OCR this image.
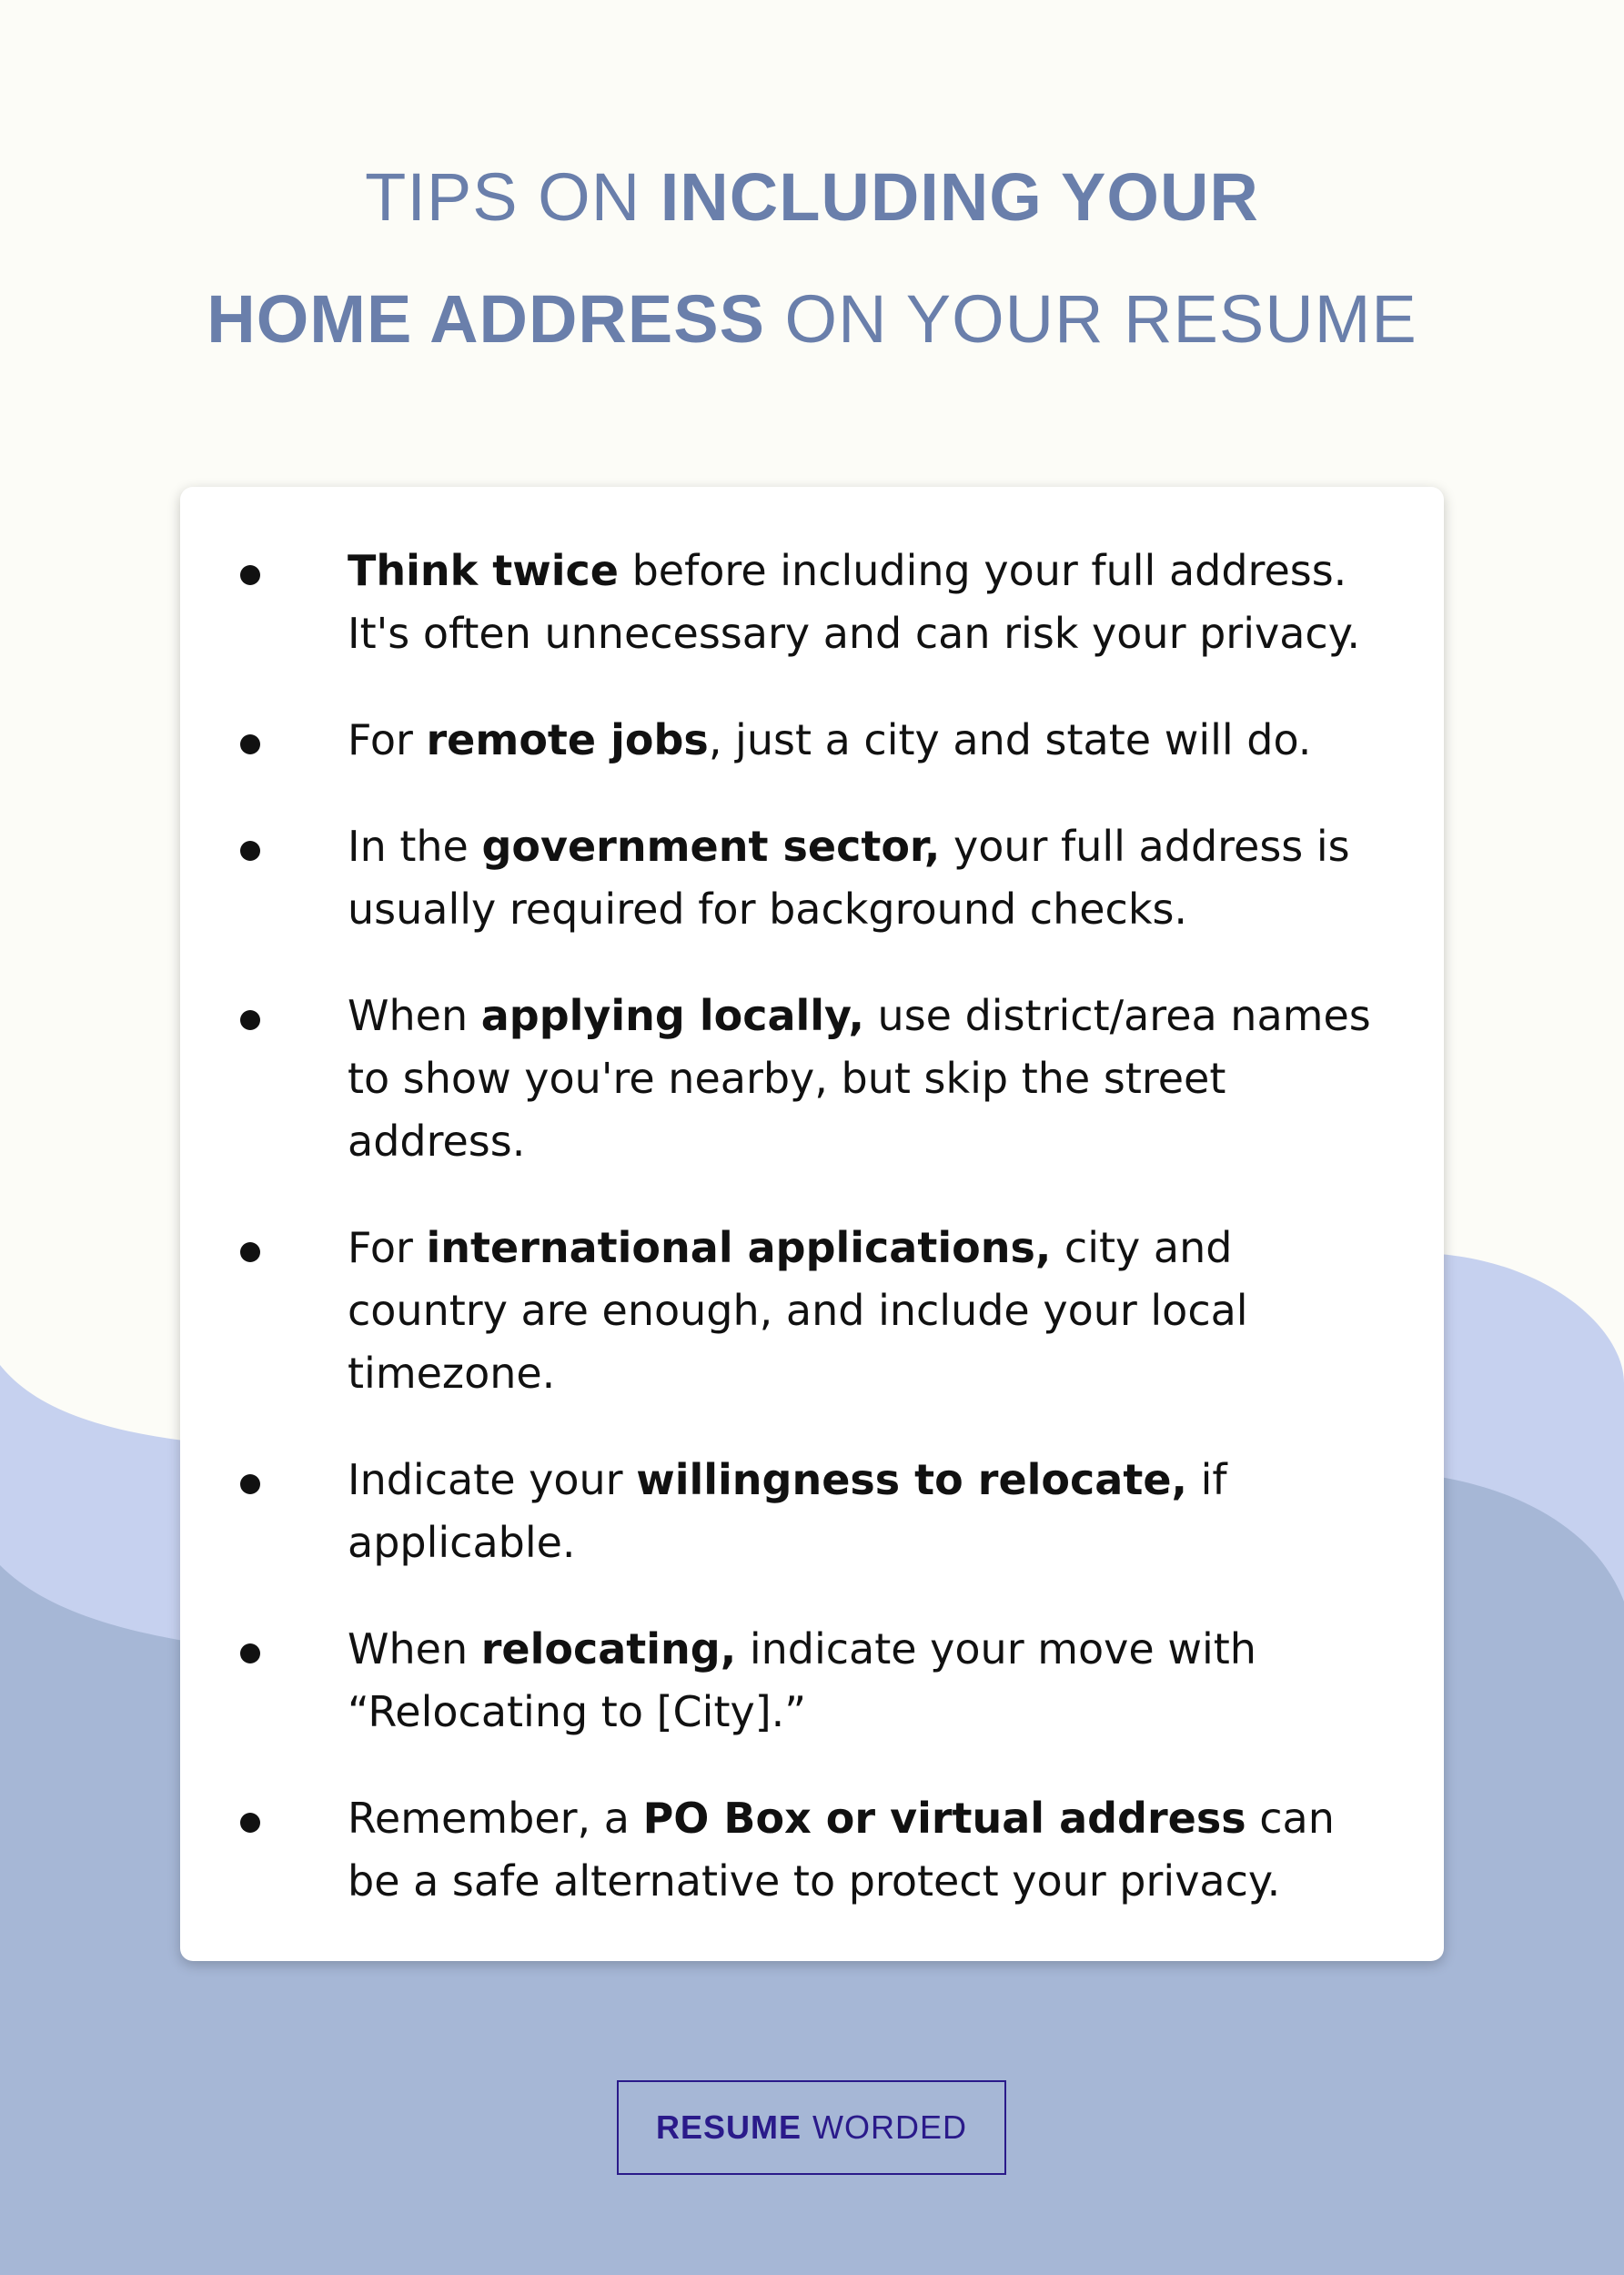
TIPS ON INCLUDING YOUR
HOME ADDRESS ON YOUR RESUME
Think twice before including your full address. It's often unnecessary and can risk your privacy.
For remote jobs, just a city and state will do.
In the government sector, your full address is usually required for background checks.
When applying locally, use district/area names to show you're nearby, but skip the street address.
For international applications, city and country are enough, and include your local timezone.
Indicate your willingness to relocate, if applicable.
When relocating, indicate your move with “Relocating to [City].”
Remember, a PO Box or virtual address can be a safe alternative to protect your privacy.
RESUME WORDED
